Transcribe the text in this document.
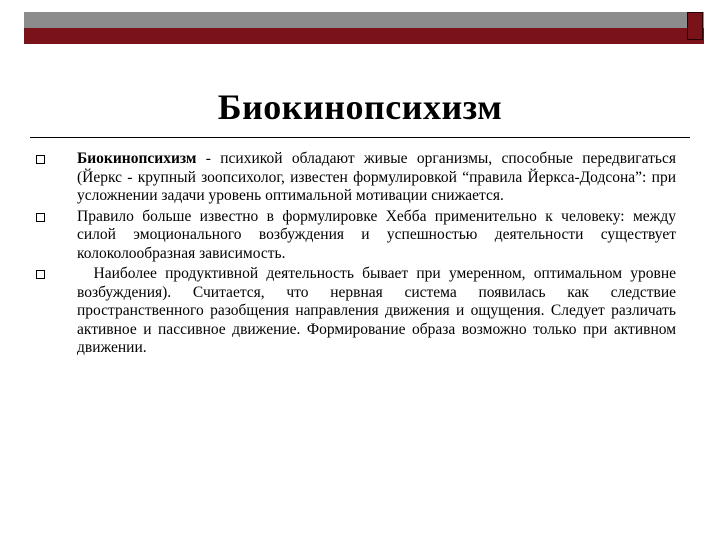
Биокинопсихизм
Биокинопсихизм - психикой обладают живые организмы, способные передвигаться (Йеркс - крупный зоопсихолог, известен формулировкой “правила Йеркса-Додсона”: при усложнении задачи уровень оптимальной мотивации снижается.
Правило больше известно в формулировке Хебба применительно к человеку: между силой эмоционального возбуждения и успешностью деятельности существует колоколообразная зависимость.
Наиболее продуктивной деятельность бывает при умеренном, оптимальном уровне возбуждения). Считается, что нервная система появилась как следствие пространственного разобщения направления движения и ощущения. Следует различать активное и пассивное движение. Формирование образа возможно только при активном движении.
